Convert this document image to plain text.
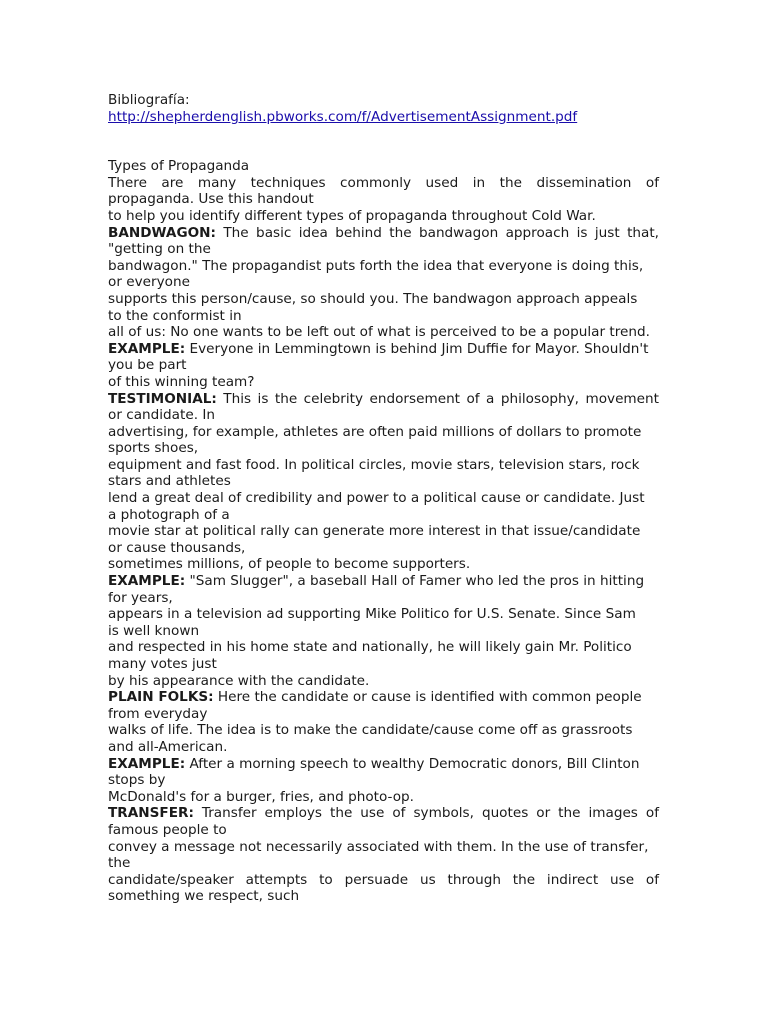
Bibliografía:
http://shepherdenglish.pbworks.com/f/AdvertisementAssignment.pdf
Types of Propaganda
There are many techniques commonly used in the dissemination of
propaganda. Use this handout
to help you identify different types of propaganda throughout Cold War.
BANDWAGON: The basic idea behind the bandwagon approach is just that,
"getting on the
bandwagon." The propagandist puts forth the idea that everyone is doing this,
or everyone
supports this person/cause, so should you. The bandwagon approach appeals
to the conformist in
all of us: No one wants to be left out of what is perceived to be a popular trend.
EXAMPLE: Everyone in Lemmingtown is behind Jim Duffie for Mayor. Shouldn't
you be part
of this winning team?
TESTIMONIAL: This is the celebrity endorsement of a philosophy, movement
or candidate. In
advertising, for example, athletes are often paid millions of dollars to promote
sports shoes,
equipment and fast food. In political circles, movie stars, television stars, rock
stars and athletes
lend a great deal of credibility and power to a political cause or candidate. Just
a photograph of a
movie star at political rally can generate more interest in that issue/candidate
or cause thousands,
sometimes millions, of people to become supporters.
EXAMPLE: "Sam Slugger", a baseball Hall of Famer who led the pros in hitting
for years,
appears in a television ad supporting Mike Politico for U.S. Senate. Since Sam
is well known
and respected in his home state and nationally, he will likely gain Mr. Politico
many votes just
by his appearance with the candidate.
PLAIN FOLKS: Here the candidate or cause is identified with common people
from everyday
walks of life. The idea is to make the candidate/cause come off as grassroots
and all-American.
EXAMPLE: After a morning speech to wealthy Democratic donors, Bill Clinton
stops by
McDonald's for a burger, fries, and photo-op.
TRANSFER: Transfer employs the use of symbols, quotes or the images of
famous people to
convey a message not necessarily associated with them. In the use of transfer,
the
candidate/speaker attempts to persuade us through the indirect use of
something we respect, such
